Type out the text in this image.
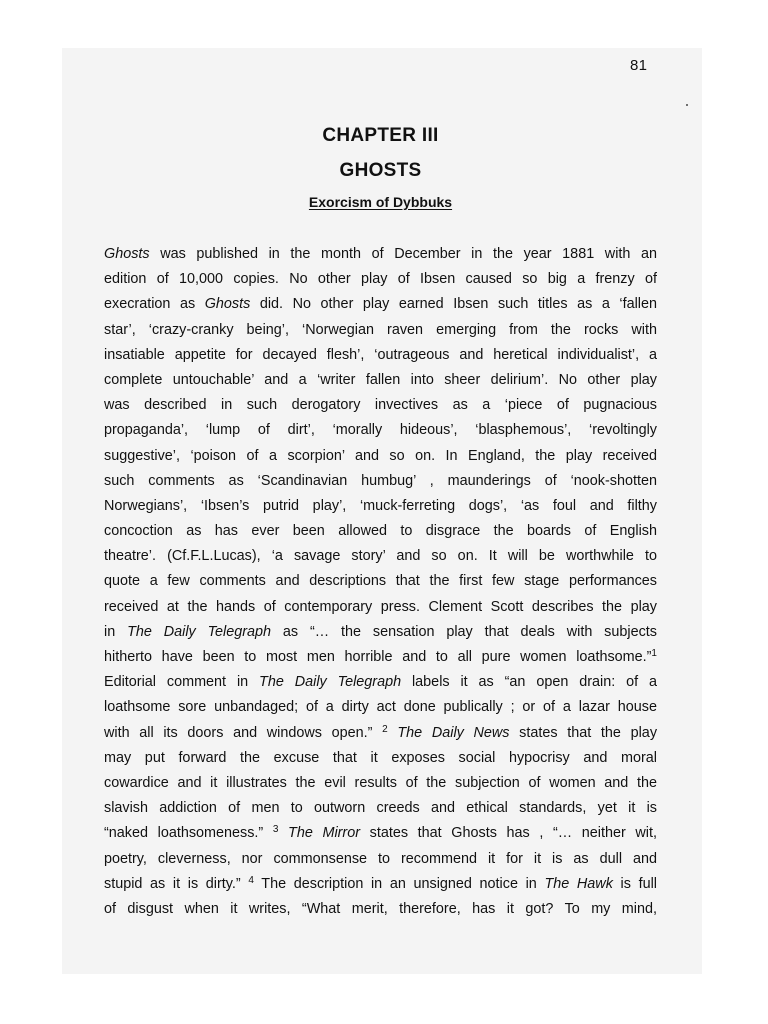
81
CHAPTER III
GHOSTS
Exorcism of Dybbuks
Ghosts was published in the month of December in the year 1881 with an
edition of 10,000 copies. No other play of Ibsen caused so big a frenzy of
execration as Ghosts did. No other play earned Ibsen such titles as a ‘fallen
star’, ‘crazy-cranky being’, ‘Norwegian raven emerging from the rocks with
insatiable appetite for decayed flesh’, ‘outrageous and heretical individualist’, a
complete untouchable’ and a ‘writer fallen into sheer delirium’. No other play
was described in such derogatory invectives as a ‘piece of pugnacious
propaganda’, ‘lump of dirt’, ‘morally hideous’, ‘blasphemous’, ‘revoltingly
suggestive’, ‘poison of a scorpion’ and so on. In England, the play received
such comments as ‘Scandinavian humbug’ , maunderings of ‘nook-shotten
Norwegians’, ‘Ibsen’s putrid play’, ‘muck-ferreting dogs’, ‘as foul and filthy
concoction as has ever been allowed to disgrace the boards of English
theatre’. (Cf.F.L.Lucas), ‘a savage story’ and so on. It will be worthwhile to
quote a few comments and descriptions that the first few stage performances
received at the hands of contemporary press. Clement Scott describes the play
in The Daily Telegraph as “… the sensation play that deals with subjects
hitherto have been to most men horrible and to all pure women loathsome.”$^1$
Editorial comment in The Daily Telegraph labels it as “an open drain: of a
loathsome sore unbandaged; of a dirty act done publically ; or of a lazar house
with all its doors and windows open.” $^2$ The Daily News states that the play
may put forward the excuse that it exposes social hypocrisy and moral
cowardice and it illustrates the evil results of the subjection of women and the
slavish addiction of men to outworn creeds and ethical standards, yet it is
“naked loathsomeness.” $^3$ The Mirror states that Ghosts has , “… neither wit,
poetry, cleverness, nor commonsense to recommend it for it is as dull and
stupid as it is dirty.” $^4$ The description in an unsigned notice in The Hawk is full
of disgust when it writes, “What merit, therefore, has it got? To my mind,
